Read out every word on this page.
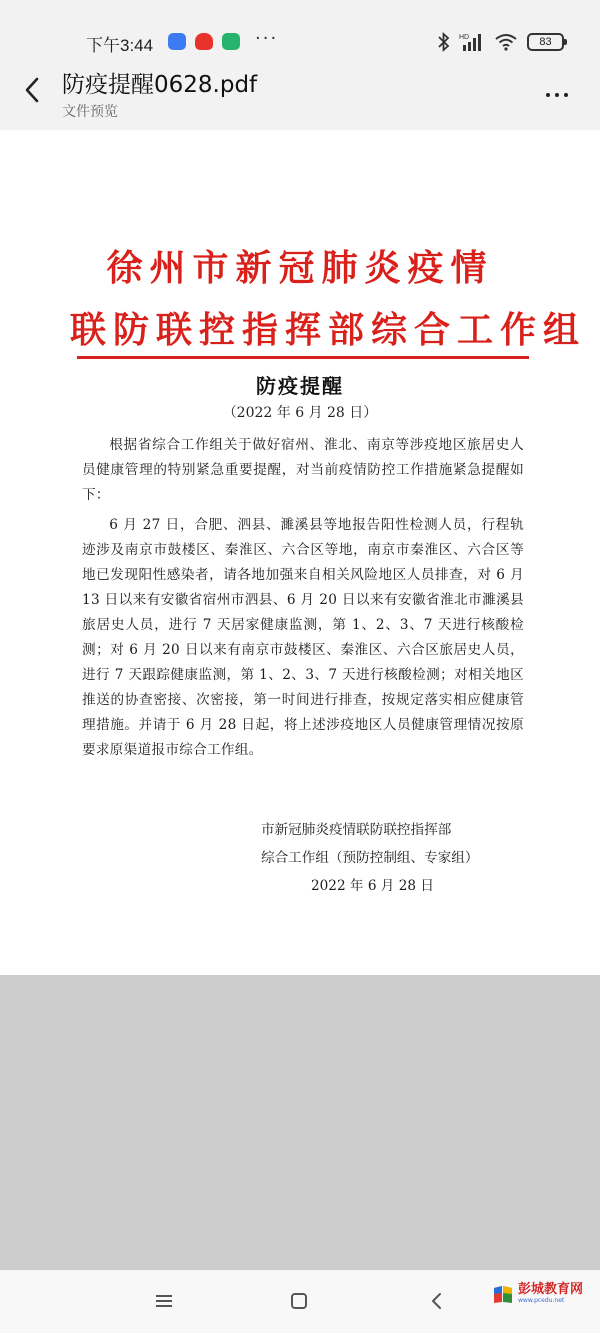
下午3:44	···	HD	83
防疫提醒0628.pdf
文件预览
徐州市新冠肺炎疫情
联防联控指挥部综合工作组
防疫提醒
（2022 年 6 月 28 日）

根据省综合工作组关于做好宿州、淮北、南京等涉疫地区旅居史人员健康管理的特别紧急重要提醒，对当前疫情防控工作措施紧急提醒如下：

6 月 27 日，合肥、泗县、濉溪县等地报告阳性检测人员，行程轨迹涉及南京市鼓楼区、秦淮区、六合区等地，南京市秦淮区、六合区等地已发现阳性感染者，请各地加强来自相关风险地区人员排查，对 6 月 13 日以来有安徽省宿州市泗县、6 月 20 日以来有安徽省淮北市濉溪县旅居史人员，进行 7 天居家健康监测，第 1、2、3、7 天进行核酸检测；对 6 月 20 日以来有南京市鼓楼区、秦淮区、六合区旅居史人员，进行 7 天跟踪健康监测，第 1、2、3、7 天进行核酸检测；对相关地区推送的协查密接、次密接，第一时间进行排查，按规定落实相应健康管理措施。并请于 6 月 28 日起，将上述涉疫地区人员健康管理情况按原要求原渠道报市综合工作组。

市新冠肺炎疫情联防联控指挥部
综合工作组（预防控制组、专家组）
2022 年 6 月 28 日
彭城教育网
www.pcedu.net
